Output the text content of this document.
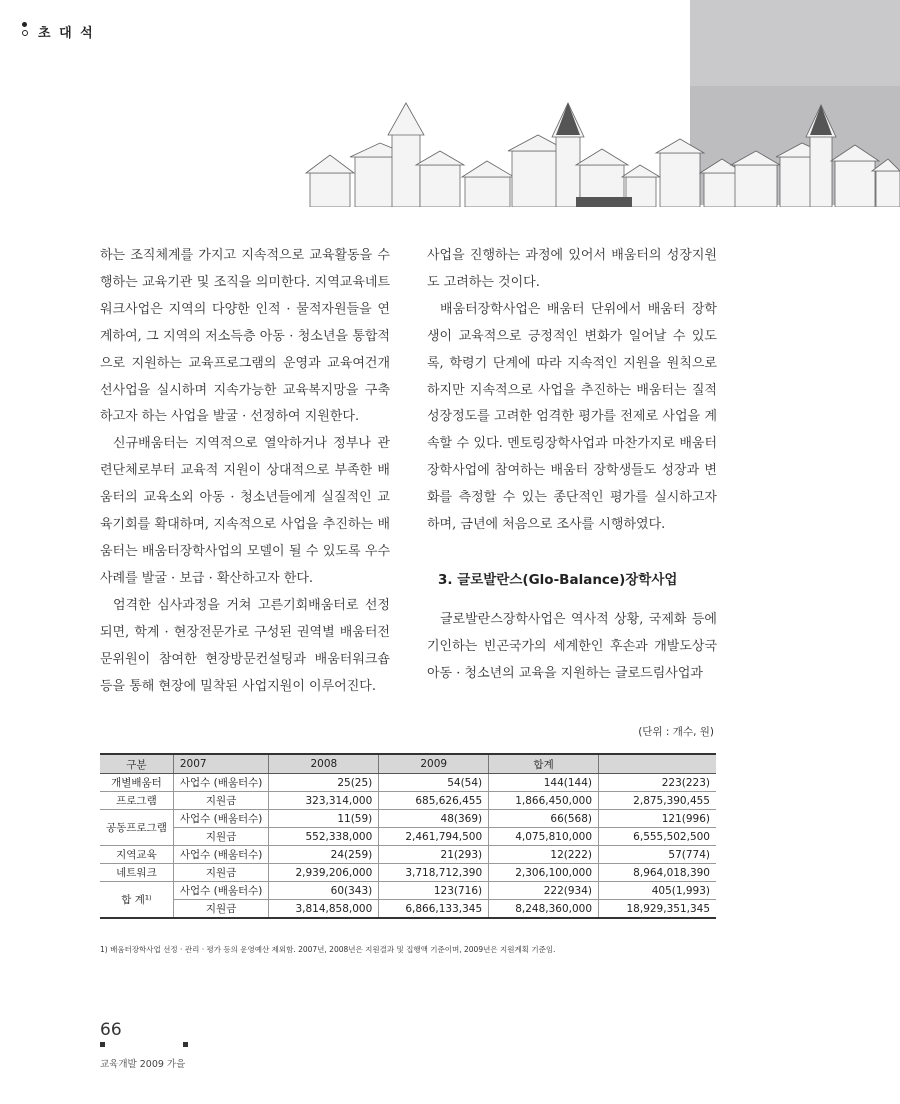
초 대 석

하는 조직체계를 가지고 지속적으로 교육활동을 수행하는 교육기관 및 조직을 의미한다. 지역교육네트워크사업은 지역의 다양한 인적 · 물적자원들을 연계하여, 그 지역의 저소득층 아동 · 청소년을 통합적으로 지원하는 교육프로그램의 운영과 교육여건개선사업을 실시하며 지속가능한 교육복지망을 구축하고자 하는 사업을 발굴 · 선정하여 지원한다.

신규배움터는 지역적으로 열악하거나 정부나 관련단체로부터 교육적 지원이 상대적으로 부족한 배움터의 교육소외 아동 · 청소년들에게 실질적인 교육기회를 확대하며, 지속적으로 사업을 추진하는 배움터는 배움터장학사업의 모델이 될 수 있도록 우수사례를 발굴 · 보급 · 확산하고자 한다.

엄격한 심사과정을 거쳐 고른기회배움터로 선정되면, 학계 · 현장전문가로 구성된 권역별 배움터전문위원이 참여한 현장방문컨설팅과 배움터워크숍 등을 통해 현장에 밀착된 사업지원이 이루어진다.

사업을 진행하는 과정에 있어서 배움터의 성장지원도 고려하는 것이다.

배움터장학사업은 배움터 단위에서 배움터 장학생이 교육적으로 긍정적인 변화가 일어날 수 있도록, 학령기 단계에 따라 지속적인 지원을 원칙으로 하지만 지속적으로 사업을 추진하는 배움터는 질적 성장정도를 고려한 엄격한 평가를 전제로 사업을 계속할 수 있다. 멘토링장학사업과 마찬가지로 배움터장학사업에 참여하는 배움터 장학생들도 성장과 변화를 측정할 수 있는 종단적인 평가를 실시하고자 하며, 금년에 처음으로 조사를 시행하였다.

3. 글로발란스(Glo-Balance)장학사업

글로발란스장학사업은 역사적 상황, 국제화 등에 기인하는 빈곤국가의 세계한인 후손과 개발도상국 아동 · 청소년의 교육을 지원하는 글로드림사업과

(단위 : 개수, 원)
구분	2007	2008	2009	합계	
개별배움터	사업수 (배움터수)	25(25)	54(54)	144(144)	223(223)
프로그램	지원금	323,314,000	685,626,455	1,866,450,000	2,875,390,455
공동프로그램	사업수 (배움터수)	11(59)	48(369)	66(568)	121(996)
	지원금	552,338,000	2,461,794,500	4,075,810,000	6,555,502,500
지역교육	사업수 (배움터수)	24(259)	21(293)	12(222)	57(774)
네트워크	지원금	2,939,206,000	3,718,712,390	2,306,100,000	8,964,018,390
합 계¹⁾	사업수 (배움터수)	60(343)	123(716)	222(934)	405(1,993)
	지원금	3,814,858,000	6,866,133,345	8,248,360,000	18,929,351,345
1) 배움터장학사업 선정 · 관리 · 평가 등의 운영예산 제외함. 2007년, 2008년은 지원결과 및 집행액 기준이며, 2009년은 지원계획 기준임.
66
교육개발 2009 가을
